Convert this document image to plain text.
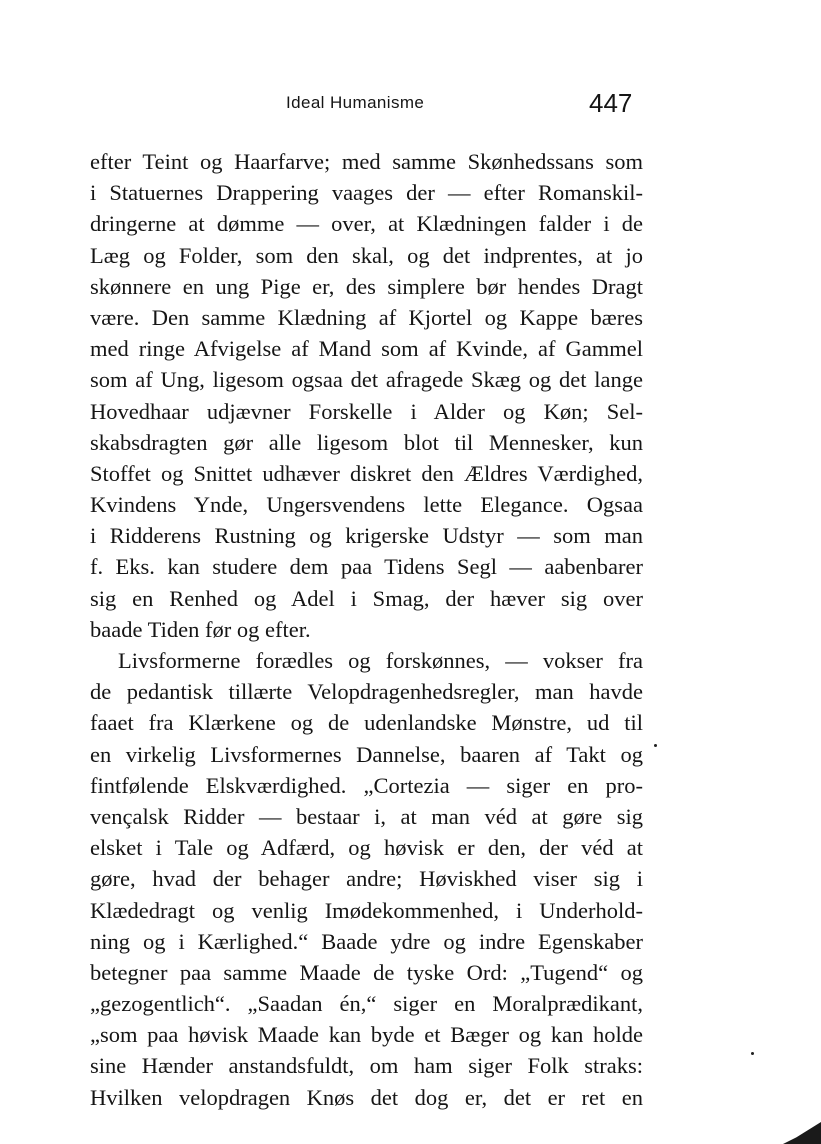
Ideal Humanisme	447
efter Teint og Haarfarve; med samme Skønhedssans som
i Statuernes Drappering vaages der — efter Romanskil-
dringerne at dømme — over, at Klædningen falder i de
Læg og Folder, som den skal, og det indprentes, at jo
skønnere en ung Pige er, des simplere bør hendes Dragt
være. Den samme Klædning af Kjortel og Kappe bæres
med ringe Afvigelse af Mand som af Kvinde, af Gammel
som af Ung, ligesom ogsaa det afragede Skæg og det lange
Hovedhaar udjævner Forskelle i Alder og Køn; Sel-
skabsdragten gør alle ligesom blot til Mennesker, kun
Stoffet og Snittet udhæver diskret den Ældres Værdighed,
Kvindens Ynde, Ungersvendens lette Elegance. Ogsaa
i Ridderens Rustning og krigerske Udstyr — som man
f. Eks. kan studere dem paa Tidens Segl — aabenbarer
sig en Renhed og Adel i Smag, der hæver sig over
baade Tiden før og efter.
Livsformerne forædles og forskønnes, — vokser fra
de pedantisk tillærte Velopdragenhedsregler, man havde
faaet fra Klærkene og de udenlandske Mønstre, ud til
en virkelig Livsformernes Dannelse, baaren af Takt og
fintfølende Elskværdighed. „Cortezia — siger en pro-
vençalsk Ridder — bestaar i, at man véd at gøre sig
elsket i Tale og Adfærd, og høvisk er den, der véd at
gøre, hvad der behager andre; Høviskhed viser sig i
Klædedragt og venlig Imødekommenhed, i Underhold-
ning og i Kærlighed.“ Baade ydre og indre Egenskaber
betegner paa samme Maade de tyske Ord: „Tugend“ og
„gezogentlich“. „Saadan én,“ siger en Moralprædikant,
„som paa høvisk Maade kan byde et Bæger og kan holde
sine Hænder anstandsfuldt, om ham siger Folk straks:
Hvilken velopdragen Knøs det dog er, det er ret en
